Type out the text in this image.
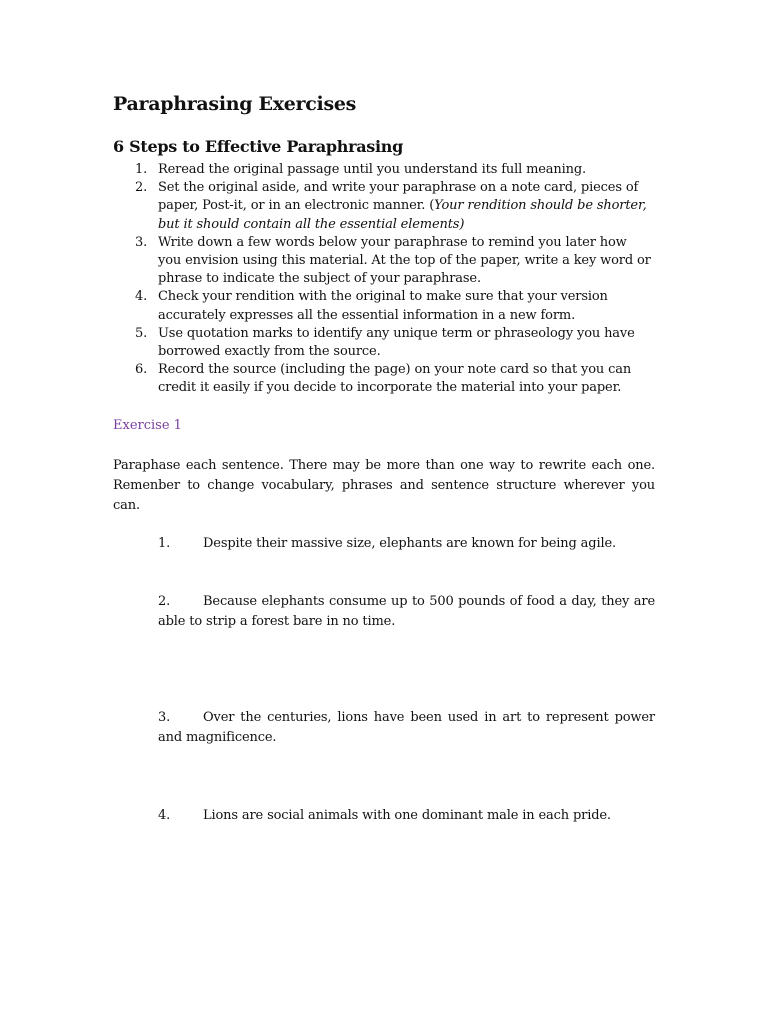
Paraphrasing Exercises
6 Steps to Effective Paraphrasing
1. Reread the original passage until you understand its full meaning.
2. Set the original aside, and write your paraphrase on a note card, pieces of paper, Post-it, or in an electronic manner. (Your rendition should be shorter, but it should contain all the essential elements)
3. Write down a few words below your paraphrase to remind you later how you envision using this material. At the top of the paper, write a key word or phrase to indicate the subject of your paraphrase.
4. Check your rendition with the original to make sure that your version accurately expresses all the essential information in a new form.
5. Use quotation marks to identify any unique term or phraseology you have borrowed exactly from the source.
6. Record the source (including the page) on your note card so that you can credit it easily if you decide to incorporate the material into your paper.
Exercise 1
Paraphase each sentence. There may be more than one way to rewrite each one. Remenber to change vocabulary, phrases and sentence structure wherever you can.
1.	Despite their massive size, elephants are known for being agile.
2.	Because elephants consume up to 500 pounds of food a day, they are able to strip a forest bare in no time.
3.	Over the centuries, lions have been used in art to represent power and magnificence.
4.	Lions are social animals with one dominant male in each pride.
